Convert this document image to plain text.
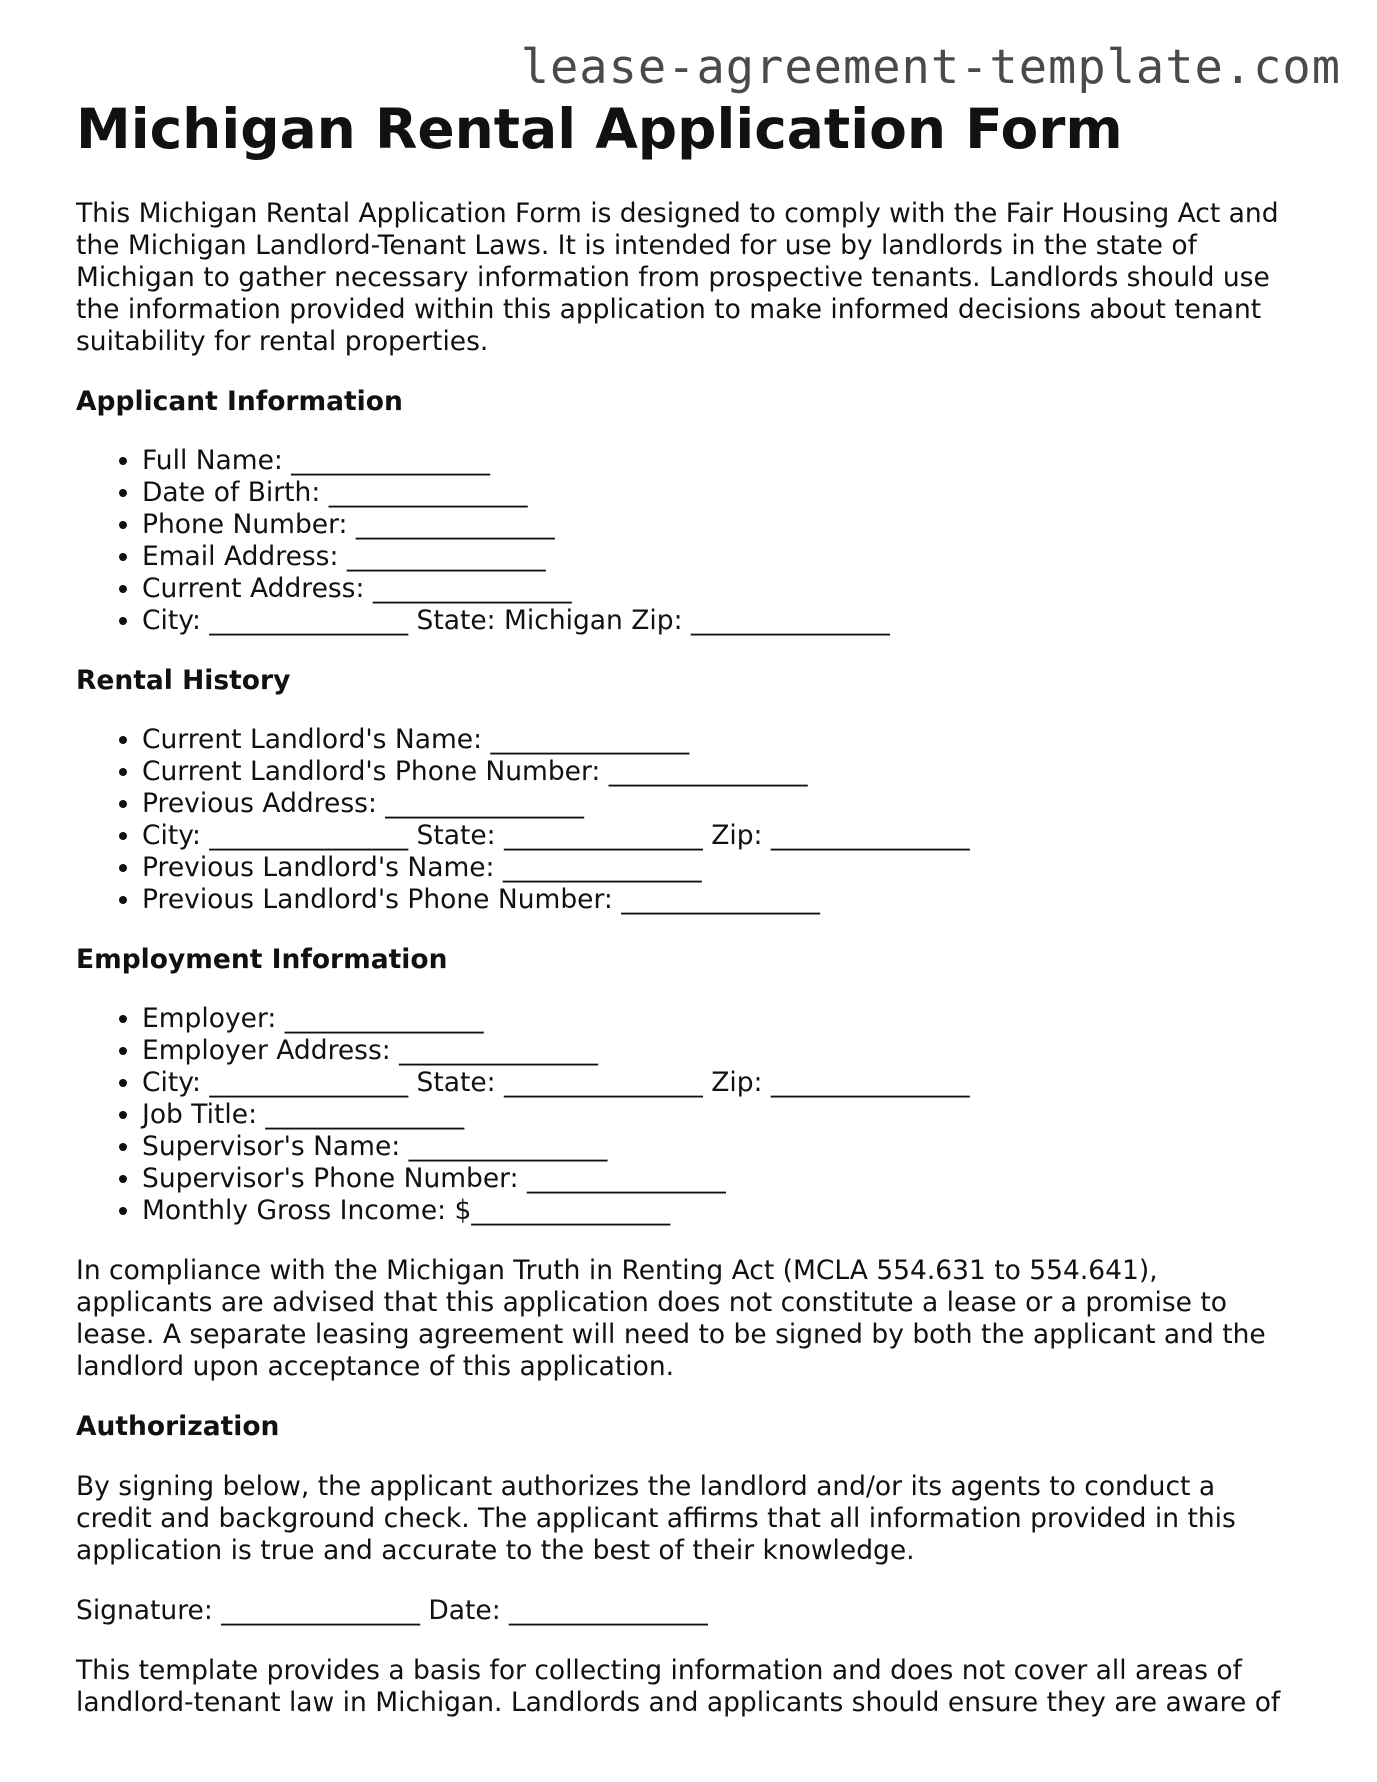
lease-agreement-template.com
Michigan Rental Application Form

This Michigan Rental Application Form is designed to comply with the Fair Housing Act and the Michigan Landlord-Tenant Laws. It is intended for use by landlords in the state of Michigan to gather necessary information from prospective tenants. Landlords should use the information provided within this application to make informed decisions about tenant suitability for rental properties.

Applicant Information
• Full Name: _______________
• Date of Birth: _______________
• Phone Number: _______________
• Email Address: _______________
• Current Address: _______________
• City: _______________ State: Michigan Zip: _______________
Rental History
• Current Landlord's Name: _______________
• Current Landlord's Phone Number: _______________
• Previous Address: _______________
• City: _______________ State: _______________ Zip: _______________
• Previous Landlord's Name: _______________
• Previous Landlord's Phone Number: _______________
Employment Information
• Employer: _______________
• Employer Address: _______________
• City: _______________ State: _______________ Zip: _______________
• Job Title: _______________
• Supervisor's Name: _______________
• Supervisor's Phone Number: _______________
• Monthly Gross Income: $_______________

In compliance with the Michigan Truth in Renting Act (MCLA 554.631 to 554.641), applicants are advised that this application does not constitute a lease or a promise to lease. A separate leasing agreement will need to be signed by both the applicant and the landlord upon acceptance of this application.

Authorization

By signing below, the applicant authorizes the landlord and/or its agents to conduct a credit and background check. The applicant affirms that all information provided in this application is true and accurate to the best of their knowledge.

Signature: _______________ Date: _______________

This template provides a basis for collecting information and does not cover all areas of landlord-tenant law in Michigan. Landlords and applicants should ensure they are aware of
